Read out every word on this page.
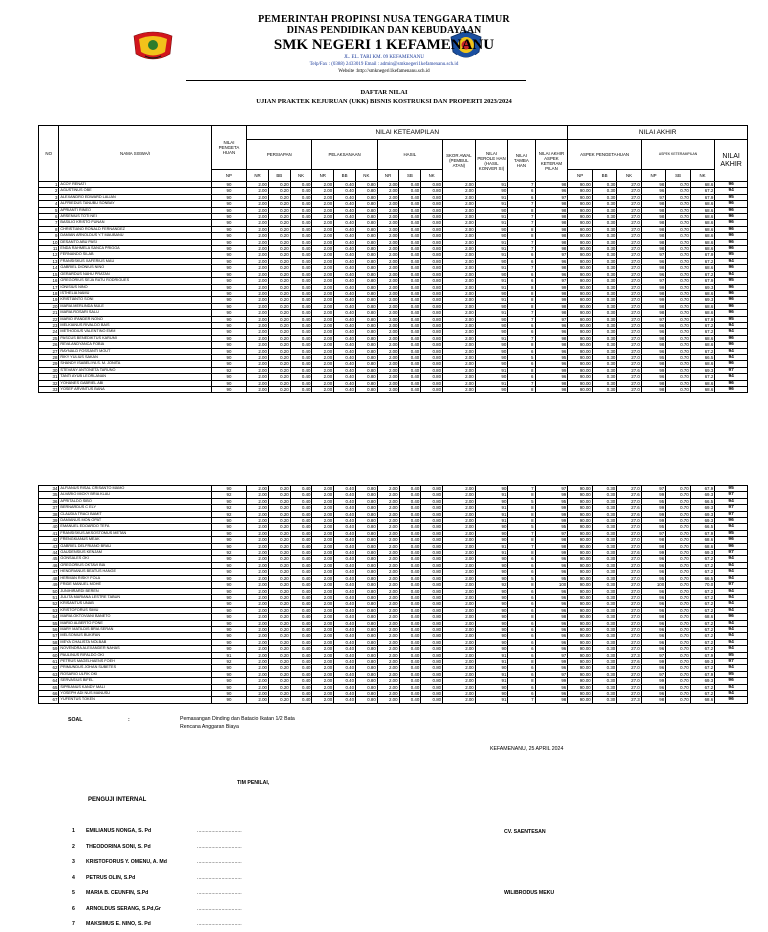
PEMERINTAH PROPINSI NUSA TENGGARA TIMUR
DINAS PENDIDIKAN DAN KEBUDAYAAN
SMK NEGERI 1 KEFAMENANU
JL. EL. TARI KM. 09 KEFAMENANU
Telp/Fax : (0388) 2433019 Email : admin@smknegeri1kefamenanu.sch.id
Website :http://smknegeri1kefamenanu.sch.id
DAFTAR NILAI
UJIAN PRAKTEK KEJURUAN (UKK) BISNIS KOSTRUKSI DAN PROPERTI 2023/2024
NO	NAMA SISWA/I	NILAI PENGETA HUAN	NILAI KETEAMPILAN													NILAI AKHIR						
			PERSIAPAN			PELAKSANAAN			HASIL			SKOR AWAL (PEMBUL ATAN)	NILAI PEROLE HAN (HASIL KONVER SI)	NILAI TAMBA HAN	NILAI AKHIR ASPEK KETERAM PILAN	ASPEK PENGETAHUAN			ASPEK KETERAMPILAN			NILAI AKHIR
		NP	NR	BB	NK	NR	BB	NK	NR	SB	NK					NP	BB	NK	NP	SB	NK	
1	ACOY RENATI	90	2.00	0.20	0.40	2.00	0.40	0.80	2.00	0.40	0.80	2.00	91	7	98	90.00	0.30	27.0	98	0.70	68.6	96
2	AGUSTINUS OBE	90	2.00	0.20	0.40	2.00	0.40	0.80	2.00	0.40	0.80	2.00	90	6	96	90.00	0.30	27.0	96	0.70	67.2	94
3	ALEXANDRO EDWARD LALIAN	90	2.00	0.20	0.40	2.00	0.40	0.80	2.00	0.40	0.80	2.00	91	6	97	90.00	0.30	27.0	97	0.70	67.9	95
4	ALFRIEDUS TANUBU SONBAY	90	2.00	0.20	0.40	2.00	0.40	0.80	2.00	0.40	0.80	2.00	91	7	98	90.00	0.30	27.0	98	0.70	68.6	96
5	APRIANTI RINEO	90	2.00	0.20	0.40	2.00	0.40	0.80	2.00	0.40	0.80	2.00	90	8	98	90.00	0.30	27.0	98	0.70	68.6	96
6	ARSENIUS TOTI NEI	90	2.00	0.20	0.40	2.00	0.40	0.80	2.00	0.40	0.80	2.00	91	7	98	90.00	0.30	27.0	98	0.70	68.6	96
7	BASILIO KRISTO FUNAN	90	2.00	0.20	0.40	2.00	0.40	0.80	2.00	0.40	0.80	2.00	91	7	98	90.00	0.30	27.0	98	0.70	68.6	96
8	CHRISTIANO RONALD FERNANDEZ	90	2.00	0.20	0.40	2.00	0.40	0.80	2.00	0.40	0.80	2.00	90	8	98	90.00	0.30	27.0	98	0.70	68.6	96
9	DAMIAN ARNOLDUS Y.T MAUBANU	90	2.00	0.20	0.40	2.00	0.40	0.80	2.00	0.40	0.80	2.00	90	8	98	90.00	0.30	27.0	98	0.70	68.6	96
10	DESANTO ABU PASI	90	2.00	0.20	0.40	2.00	0.40	0.80	2.00	0.40	0.80	2.00	91	7	98	90.00	0.30	27.0	98	0.70	68.6	96
11	ENDA RAHMELA SANCA PRIGGA	90	2.00	0.20	0.40	2.00	0.40	0.80	2.00	0.40	0.80	2.00	91	7	98	90.00	0.30	27.0	98	0.70	68.6	96
12	FERNANDO SILAB	90	2.00	0.20	0.40	2.00	0.40	0.80	2.00	0.40	0.80	2.00	91	6	97	90.00	0.30	27.0	97	0.70	67.9	95
13	FRANSISKUS XAFERIUS MAU	90	2.00	0.20	0.40	2.00	0.40	0.80	2.00	0.40	0.80	2.00	90	6	96	90.00	0.30	27.0	96	0.70	67.2	94
14	GABRIEL DIONIUS NINO	90	2.00	0.20	0.40	2.00	0.40	0.80	2.00	0.40	0.80	2.00	91	7	98	90.00	0.30	27.0	98	0.70	68.6	96
15	GERARDUS NAHU PRATAN	90	2.00	0.20	0.40	2.00	0.40	0.80	2.00	0.40	0.80	2.00	90	6	96	90.00	0.30	27.0	96	0.70	67.2	94
16	GREGORIUS SEJA RATU RODRIGUES	90	2.00	0.20	0.40	2.00	0.40	0.80	2.00	0.40	0.80	2.00	91	6	97	90.00	0.30	27.0	97	0.70	67.9	95
17	IONISIUS NINO	90	2.00	0.20	0.40	2.00	0.40	0.80	2.00	0.40	0.80	2.00	91	8	99	90.00	0.30	27.0	99	0.70	69.3	96
18	ISTHELIA NAMU	90	2.00	0.20	0.40	2.00	0.40	0.80	2.00	0.40	0.80	2.00	90	8	98	90.00	0.30	27.0	98	0.70	68.6	96
19	KRISTIANTO SONI	90	2.00	0.20	0.40	2.00	0.40	0.80	2.00	0.40	0.80	2.00	91	8	99	90.00	0.30	27.0	99	0.70	69.3	96
20	MARIA MERLINDA NULE	90	2.00	0.20	0.40	2.00	0.40	0.80	2.00	0.40	0.80	2.00	90	8	98	90.00	0.30	27.0	98	0.70	68.6	96
21	MARIA ROSARI SALU	90	2.00	0.20	0.40	2.00	0.40	0.80	2.00	0.40	0.80	2.00	91	7	98	90.00	0.30	27.0	98	0.70	68.6	96
22	MARIO IFANDER NONO	90	2.00	0.20	0.40	2.00	0.40	0.80	2.00	0.40	0.80	2.00	90	7	97	90.00	0.30	27.0	97	0.70	67.9	95
23	MELKIANUS RIVALDO BAIS	90	2.00	0.20	0.40	2.00	0.40	0.80	2.00	0.40	0.80	2.00	90	6	96	90.00	0.30	27.0	96	0.70	67.2	94
24	METHODIUS VALENTINO EMM	90	2.00	0.20	0.40	2.00	0.40	0.80	2.00	0.40	0.80	2.00	90	6	96	90.00	0.30	27.0	96	0.70	67.2	94
25	PASCUS BENEDIKTUS KARUMI	90	2.00	0.20	0.40	2.00	0.40	0.80	2.00	0.40	0.80	2.00	91	7	98	90.00	0.30	27.0	98	0.70	68.6	96
26	REVA ANDYANCA FOBIA	90	2.00	0.20	0.40	2.00	0.40	0.80	2.00	0.40	0.80	2.00	90	8	98	90.00	0.30	27.0	98	0.70	68.6	96
27	RAYNALD FOSSANTI MOUT	90	2.00	0.20	0.40	2.00	0.40	0.80	2.00	0.40	0.80	2.00	90	6	96	90.00	0.30	27.0	96	0.70	67.2	94
28	RIKY YULIUS SAKAN	90	2.00	0.20	0.40	2.00	0.40	0.80	2.00	0.40	0.80	2.00	90	5	95	90.00	0.30	27.0	95	0.70	66.5	94
29	SHANDY ISABELIYA S. M. JONITA	90	2.00	0.20	0.40	2.00	0.40	0.80	2.00	0.40	0.80	2.00	90	6	96	90.00	0.30	27.0	98	0.70	68.6	96
30	STEVANY ANTONETA TARUNO	92	2.00	0.20	0.40	2.00	0.40	0.80	2.00	0.40	0.80	2.00	91	8	99	90.00	0.30	27.6	99	0.70	69.3	97
31	TANTI AYUB LEORLANAN	90	2.00	0.20	0.40	2.00	0.40	0.80	2.00	0.40	0.80	2.00	90	6	96	90.00	0.30	27.0	96	0.70	67.2	94
32	YOHANES GABRIEL ABI	90	2.00	0.20	0.40	2.00	0.40	0.80	2.00	0.40	0.80	2.00	91	7	98	90.00	0.30	27.0	98	0.70	68.6	96
33	YOSEF ARVINTUS BANA	90	2.00	0.20	0.40	2.00	0.40	0.80	2.00	0.40	0.80	2.00	90	8	98	90.00	0.30	27.0	98	0.70	68.6	96
34	ALFIANUS RISAL CRISANTO MAMO	90	2.00	0.20	0.40	2.00	0.40	0.80	2.00	0.40	0.80	2.00	90	7	97	90.00	0.30	27.0	97	0.70	67.9	95
35	ALVARIO MICKY BRIA KLAU	92	2.00	0.20	0.40	2.00	0.40	0.80	2.00	0.40	0.80	2.00	91	8	99	90.00	0.30	27.6	99	0.70	69.3	97
36	APRITALDO SIBO	90	2.00	0.20	0.40	2.00	0.40	0.80	2.00	0.40	0.80	2.00	90	5	95	90.00	0.30	27.0	95	0.70	66.5	94
37	BERNARDUS C ELY	92	2.00	0.20	0.40	2.00	0.40	0.80	2.00	0.40	0.80	2.00	91	8	99	90.00	0.30	27.6	99	0.70	69.3	97
38	CLAUDIA TRACI BAMIT	92	2.00	0.20	0.40	2.00	0.40	0.80	2.00	0.40	0.80	2.00	91	8	99	90.00	0.30	27.6	99	0.70	69.3	97
39	DAMIANUS MON OPAT	90	2.00	0.20	0.40	2.00	0.40	0.80	2.00	0.40	0.80	2.00	91	8	99	90.00	0.30	27.0	99	0.70	69.3	96
40	EMANUEL EDOARDO TEFA	90	2.00	0.20	0.40	2.00	0.40	0.80	2.00	0.40	0.80	2.00	90	5	95	90.00	0.30	27.0	95	0.70	66.5	94
41	FRANSISKUS AKSOSTOMUS METAN	90	2.00	0.20	0.40	2.00	0.40	0.80	2.00	0.40	0.80	2.00	90	7	97	90.00	0.30	27.0	97	0.70	67.9	95
42	FRENGKIANUS MEAK	90	2.00	0.20	0.40	2.00	0.40	0.80	2.00	0.40	0.80	2.00	90	8	98	90.00	0.30	27.0	98	0.70	68.6	96
43	GABRIEL DELFRIANO BRAU	90	2.00	0.20	0.40	2.00	0.40	0.80	2.00	0.40	0.80	2.00	91	7	98	90.00	0.30	27.0	98	0.70	68.6	96
44	GAUDENSIUS KENJAM	92	2.00	0.20	0.40	2.00	0.40	0.80	2.00	0.40	0.80	2.00	91	8	99	90.00	0.30	27.6	99	0.70	69.3	97
45	GONSALES OKI	90	2.00	0.20	0.40	2.00	0.40	0.80	2.00	0.40	0.80	2.00	90	6	96	90.00	0.30	27.0	96	0.70	67.2	94
46	GREGORIUS OKTAVI BIA	90	2.00	0.20	0.40	2.00	0.40	0.80	2.00	0.40	0.80	2.00	90	6	96	90.00	0.30	27.0	96	0.70	67.2	94
47	HENDRIANUS BEATUS HANGE	90	2.00	0.20	0.40	2.00	0.40	0.80	2.00	0.40	0.80	2.00	90	6	96	90.00	0.30	27.0	96	0.70	67.2	94
48	HERMAN RISKY FOLA	90	2.00	0.20	0.40	2.00	0.40	0.80	2.00	0.40	0.80	2.00	90	5	95	90.00	0.30	27.0	95	0.70	66.5	94
49	FRIDE MANUEL MOHE	90	2.00	0.20	0.40	2.00	0.40	0.80	2.00	0.40	0.80	2.00	92	8	100	90.00	0.30	27.0	100	0.70	70.0	97
50	JUNIHIRARDI BEREN	90	2.00	0.20	0.40	2.00	0.40	0.80	2.00	0.40	0.80	2.00	90	6	96	90.00	0.30	27.0	96	0.70	67.2	94
51	JULITA MARIANA LESTRE TABUN	90	2.00	0.20	0.40	2.00	0.40	0.80	2.00	0.40	0.80	2.00	90	6	96	90.00	0.30	27.0	96	0.70	67.2	94
52	KRISANTUS UNAB	90	2.00	0.20	0.40	2.00	0.40	0.80	2.00	0.40	0.80	2.00	90	6	96	90.00	0.30	27.0	96	0.70	67.2	94
53	KRISTOFORUS SIMU	90	2.00	0.20	0.40	2.00	0.40	0.80	2.00	0.40	0.80	2.00	90	6	96	90.00	0.30	27.0	96	0.70	67.2	94
54	MARIA OKTOVIANI BANETO	90	2.00	0.20	0.40	2.00	0.40	0.80	2.00	0.40	0.80	2.00	90	8	98	90.00	0.30	27.0	98	0.70	68.6	96
55	MARIO ALBERTO FONE	90	2.00	0.20	0.40	2.00	0.40	0.80	2.00	0.40	0.80	2.00	90	6	96	90.00	0.30	27.0	96	0.70	67.2	94
56	MARY MATILDIS BRIA SERAN	90	2.00	0.20	0.40	2.00	0.40	0.80	2.00	0.40	0.80	2.00	90	6	96	90.00	0.30	27.0	96	0.70	67.2	94
57	MELSONIUS BUKIFAN	90	2.00	0.20	0.40	2.00	0.40	0.80	2.00	0.40	0.80	2.00	90	6	96	90.00	0.30	27.0	96	0.70	67.2	94
58	MEYA CHALISTA NOLBAB	90	2.00	0.20	0.40	2.00	0.40	0.80	2.00	0.40	0.80	2.00	90	6	96	90.00	0.30	27.0	96	0.70	67.2	94
59	NOVENDRA ALEXANDER NAHAS	90	2.00	0.20	0.40	2.00	0.40	0.80	2.00	0.40	0.80	2.00	90	6	96	90.00	0.30	27.0	96	0.70	67.2	94
60	PAULINUS RIFALDO OKI	91	2.00	0.20	0.40	2.00	0.40	0.80	2.00	0.40	0.80	2.00	91	6	97	90.00	0.30	27.3	97	0.70	67.9	95
61	PETRUS MAGELHAENS FOEH	92	2.00	0.20	0.40	2.00	0.40	0.80	2.00	0.40	0.80	2.00	91	8	99	90.00	0.30	27.6	99	0.70	69.3	97
62	PRIMUNDUS JOHAN SUBETES	90	2.00	0.20	0.40	2.00	0.40	0.80	2.00	0.40	0.80	2.00	90	6	96	90.00	0.30	27.0	96	0.70	67.2	94
63	ROSARIO ULFIK OKI	90	2.00	0.20	0.40	2.00	0.40	0.80	2.00	0.40	0.80	2.00	91	6	97	90.00	0.30	27.0	97	0.70	67.9	95
64	SERVASIUS BIFEL	90	2.00	0.20	0.40	2.00	0.40	0.80	2.00	0.40	0.80	2.00	91	8	99	90.00	0.30	27.0	99	0.70	69.3	96
65	SIPRIANUS KANDY MALI	90	2.00	0.20	0.40	2.00	0.40	0.80	2.00	0.40	0.80	2.00	90	6	96	90.00	0.30	27.0	96	0.70	67.2	94
66	YOSEPH ADI NUS MANUSU	90	2.00	0.20	0.40	2.00	0.40	0.80	2.00	0.40	0.80	2.00	90	6	96	90.00	0.30	27.0	96	0.70	67.2	94
67	YUFENTUS TOKEN	90	2.00	0.20	0.40	2.00	0.40	0.80	2.00	0.40	0.80	2.00	91	7	98	90.00	0.30	27.3	98	0.70	68.6	96
SOAL	:	Pemasangan Dinding dan Batacio Ikatan 1/2 Bata
Rencana Anggaran Biaya
KEFAMENANU, 25 APRIL 2024
TIM PENILAI,
PENGUJI INTERNAL
1 EMILIANUS NONGA, S. Pd	...............................
2 THEODORINA SONI, S. Pd	...............................
3 KRISTOFORUS Y. OMENU, A. Md	...............................
4 PETRUS OLIN, S.Pd	...............................
5 MARIA B. CEUNFIN, S.Pd	...............................
6 ARNOLDUS SERANG, S.Pd,Gr	...............................
7 MAKSIMUS E. NINO, S. Pd	...............................
CV. SAENTESAN
WILIBRODUS MEKU
